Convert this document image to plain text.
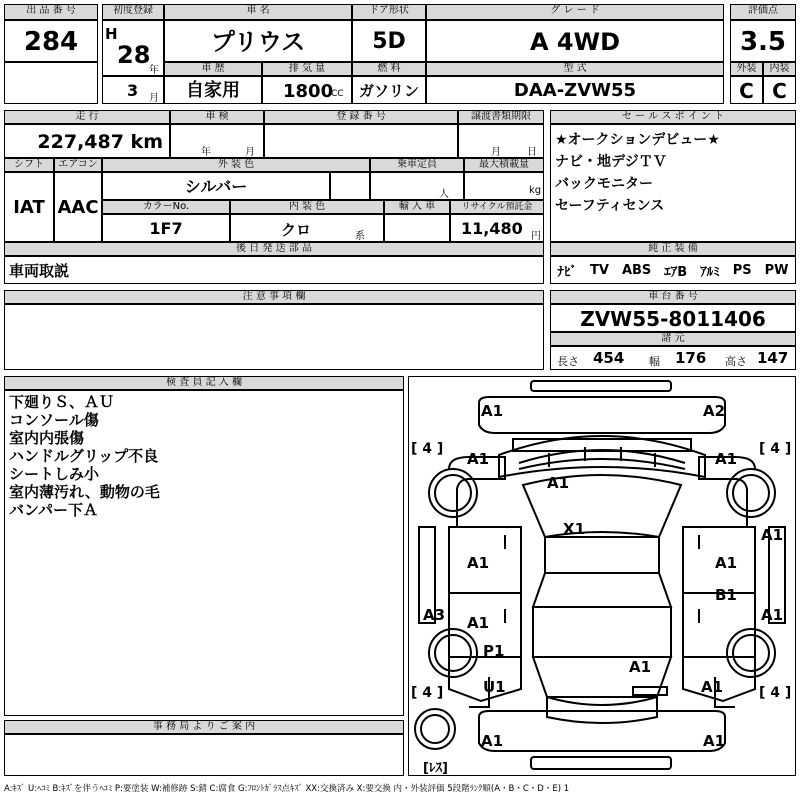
出 品 番 号
284
初度登録
H
28
年
3 月
車 名
プリウス
ドア形状
5D
グ レ ー ド
A 4WD
車 歴
自家用
排 気 量
1800
CC
燃 料
ガソリン
型 式
DAA-ZVW55
評価点
3.5
外装	内装
C C
走 行
227,487 km
車 検
年	月
登 録 番 号	譲渡書類期限
月	日
シフト	エアコン
IAT AAC
外 装 色
シルバー
乗車定員
人
最大積載量
kg
カラーNo.
1F7
内 装 色
クロ	系
輸 入 車	リサイクル預託金
11,480 円
後 日 発 送 部 品
車両取説
セ ー ル ス ポ イ ン ト
★オークションデビュー★
ナビ・地デジＴＶ
バックモニター
セーフティセンス
純 正 装 備
ﾅﾋﾞ TV ABS ｴｱB ｱﾙﾐ PS PW
注 意 事 項 欄	車 台 番 号
ZVW55-8011406
諸 元
長さ 454 幅 176 高さ 147
検 査 員 記 入 欄
下廻りＳ、ＡＵ
コンソール傷
室内内張傷
ハンドルグリップ不良
シートしみ小
室内薄汚れ、動物の毛
バンパー下Ａ
事 務 局 よ り ご 案 内
A1	A2
A1	A1
A1
X1	A1
A1	A1
A3 A1	A1
B1
P1
A1
U1	A1
A1	A1
[ 4 ]	[ 4 ]
[ 4 ]	[ 4 ]
[ﾚｽ]
A:ｷｽﾞ U:ﾍｺﾐ B:ｷｽﾞを伴うﾍｺﾐ P:要塗装 W:補修跡 S:錆 C:腐食 G:ﾌﾛﾝﾄｶﾞﾗｽ点ｷｽﾞ XX:交換済み X:要交換 内・外装評価 5段階ﾗﾝｸ順(A・B・C・D・E) 1
